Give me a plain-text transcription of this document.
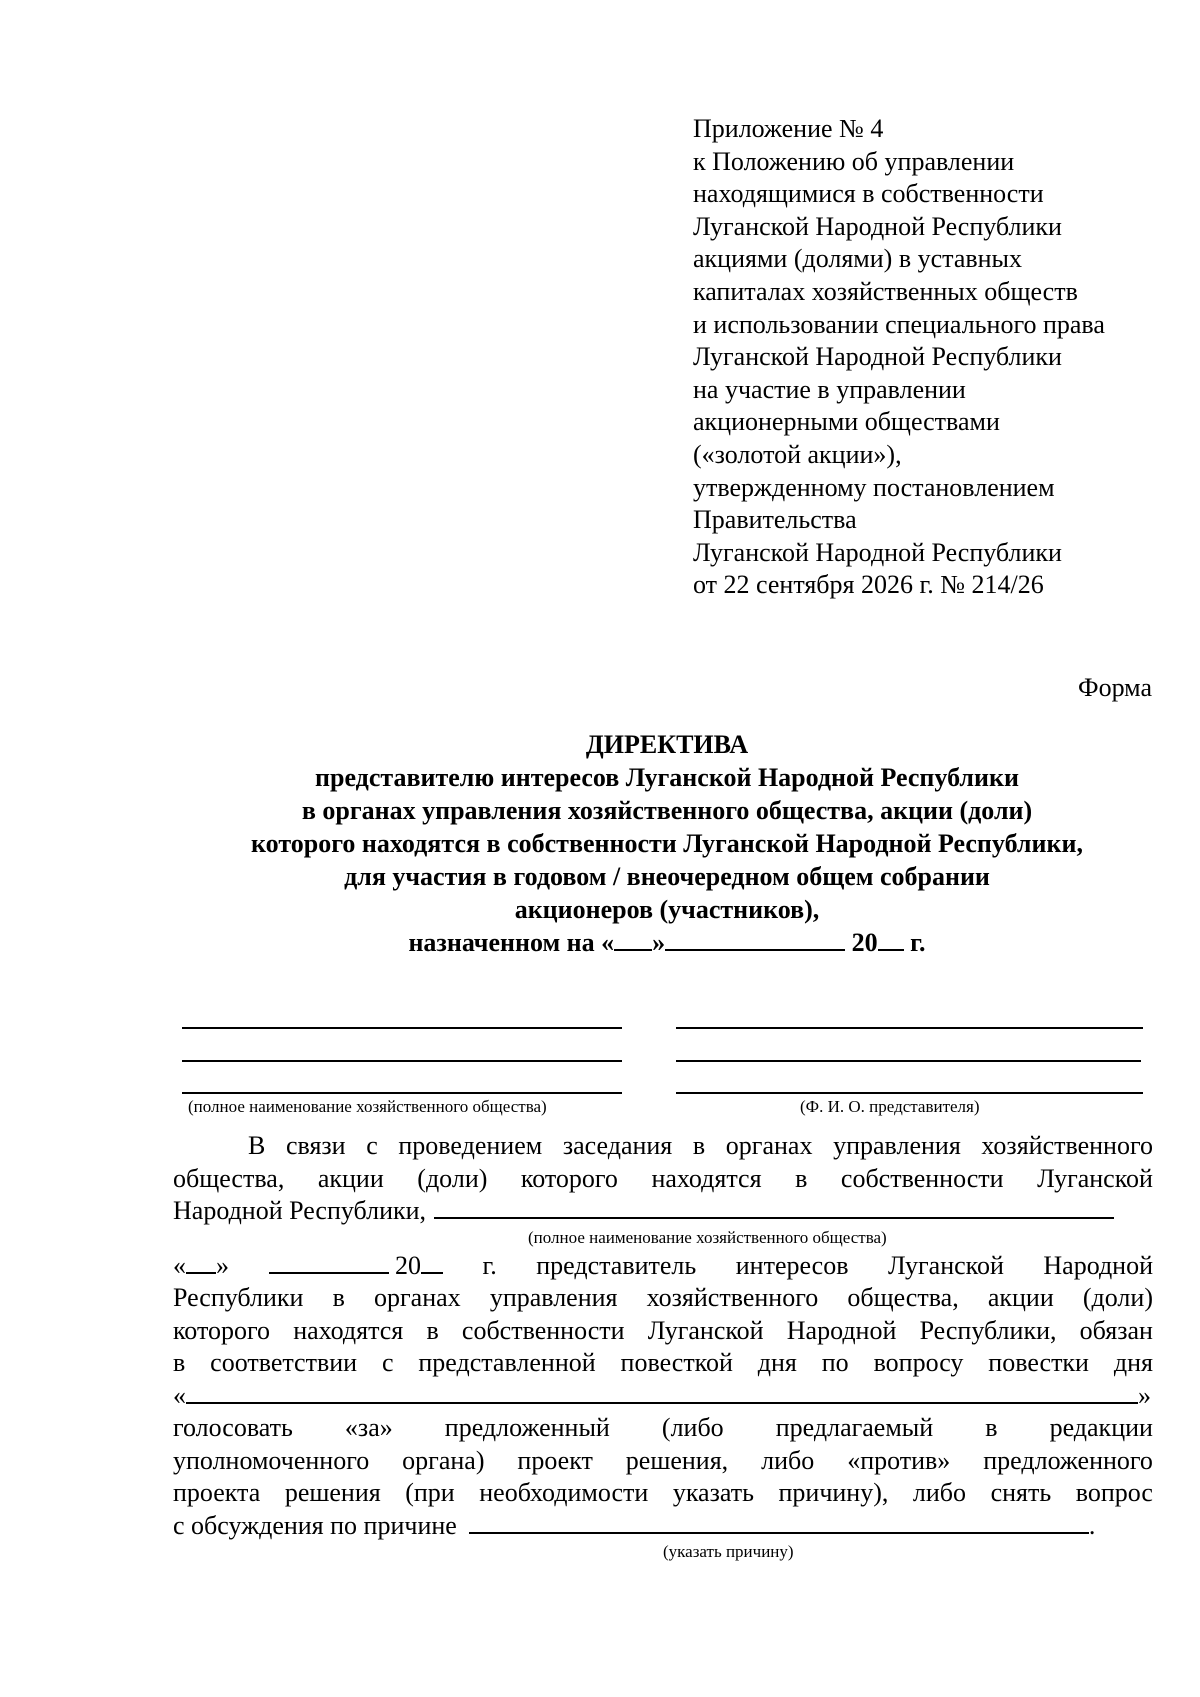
Приложение № 4
к Положению об управлении
находящимися в собственности
Луганской Народной Республики
акциями (долями) в уставных
капиталах хозяйственных обществ
и использовании специального права
Луганской Народной Республики
на участие в управлении
акционерными обществами
(«золотой акции»),
утвержденному постановлением
Правительства
Луганской Народной Республики
от 22 сентября 2026 г. № 214/26
Форма
ДИРЕКТИВА
представителю интересов Луганской Народной Республики
в органах управления хозяйственного общества, акции (доли)
которого находятся в собственности Луганской Народной Республики,
для участия в годовом / внеочередном общем собрании
акционеров (участников),
назначенном на « »	20 г.
(полное наименование хозяйственного общества)	(Ф. И. О. представителя)
В связи с проведением заседания в органах управления хозяйственного
общества, акции (доли) которого находятся в собственности Луганской
Народной Республики,
(полное наименование хозяйственного общества)
« »	20	г. представитель интересов Луганской Народной
Республики в органах управления хозяйственного общества, акции (доли)
которого находятся в собственности Луганской Народной Республики, обязан
в соответствии с представленной повесткой дня по вопросу повестки дня
«	»
голосовать «за» предложенный (либо предлагаемый в редакции
уполномоченного органа) проект решения, либо «против» предложенного
проекта решения (при необходимости указать причину), либо снять вопрос
с обсуждения по причине	.
(указать причину)
